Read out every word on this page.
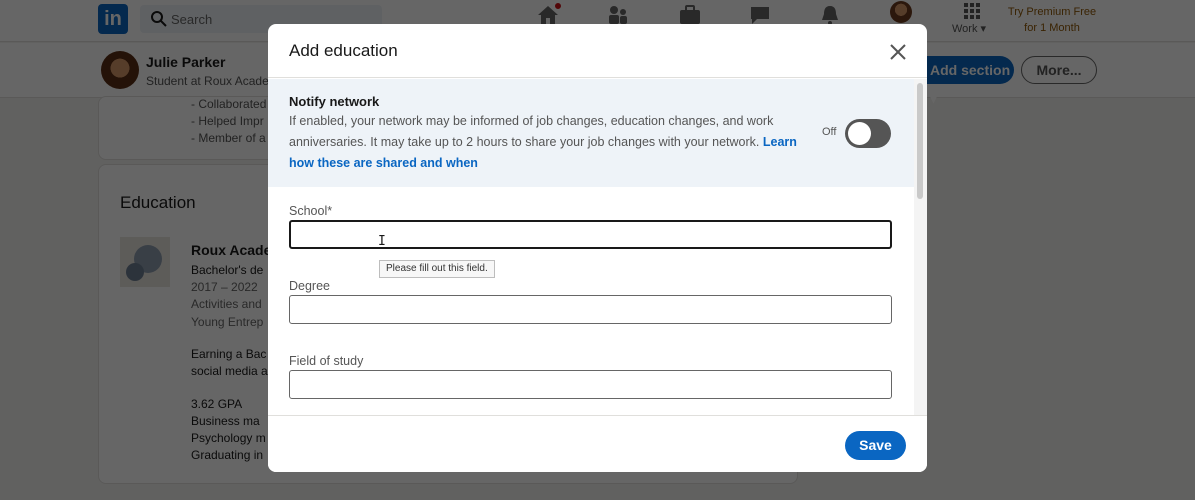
Add education
Notify network
If enabled, your network may be informed of job changes, education changes, and work anniversaries. It may take up to 2 hours to share your job changes with your network. Learn how these are shared and when
Off
School*
I
Please fill out this field.
Degree
Field of study
Save
